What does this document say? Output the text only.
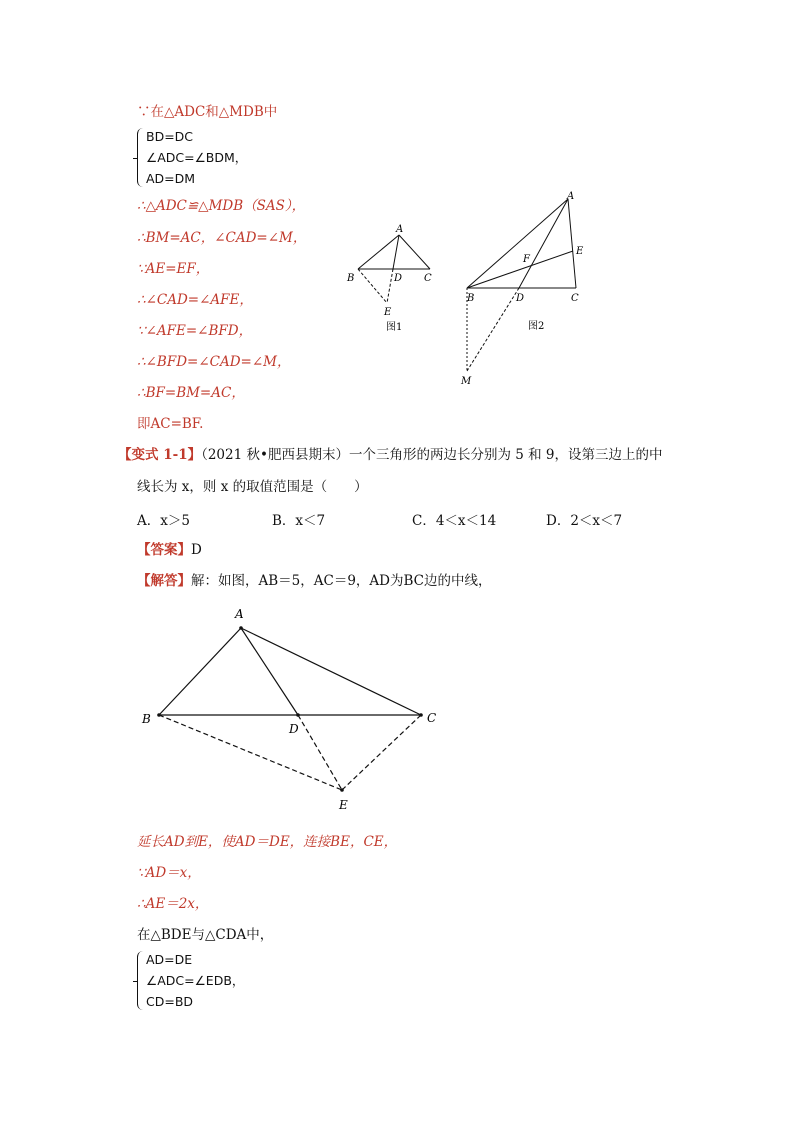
∵在△ADC和△MDB中
BD=DC
∠ADC=∠BDM，
AD=DM
∴△ADC≌△MDB（SAS），
∴BM=AC，∠CAD=∠M，
∵AE=EF，
∴∠CAD=∠AFE，
∵∠AFE=∠BFD，
∴∠BFD=∠CAD=∠M，
∴BF=BM=AC，
即AC=BF.
A
B	D C
E
图1
A
E
F
B	D	C
M
图2
【变式 1-1】（2021 秋•肥西县期末）一个三角形的两边长分别为 5 和 9，设第三边上的中
线长为 x，则 x 的取值范围是（　　）
A．x＞5	B．x＜7	C．4＜x＜14	D．2＜x＜7
【答案】D
【解答】解：如图，AB＝5，AC＝9，AD为BC边的中线，
A
B
D
C
E
延长AD到E，使AD＝DE，连接BE，CE，
∵AD＝x，
∴AE＝2x，
在△BDE与△CDA中，
AD=DE
∠ADC=∠EDB，
CD=BD
